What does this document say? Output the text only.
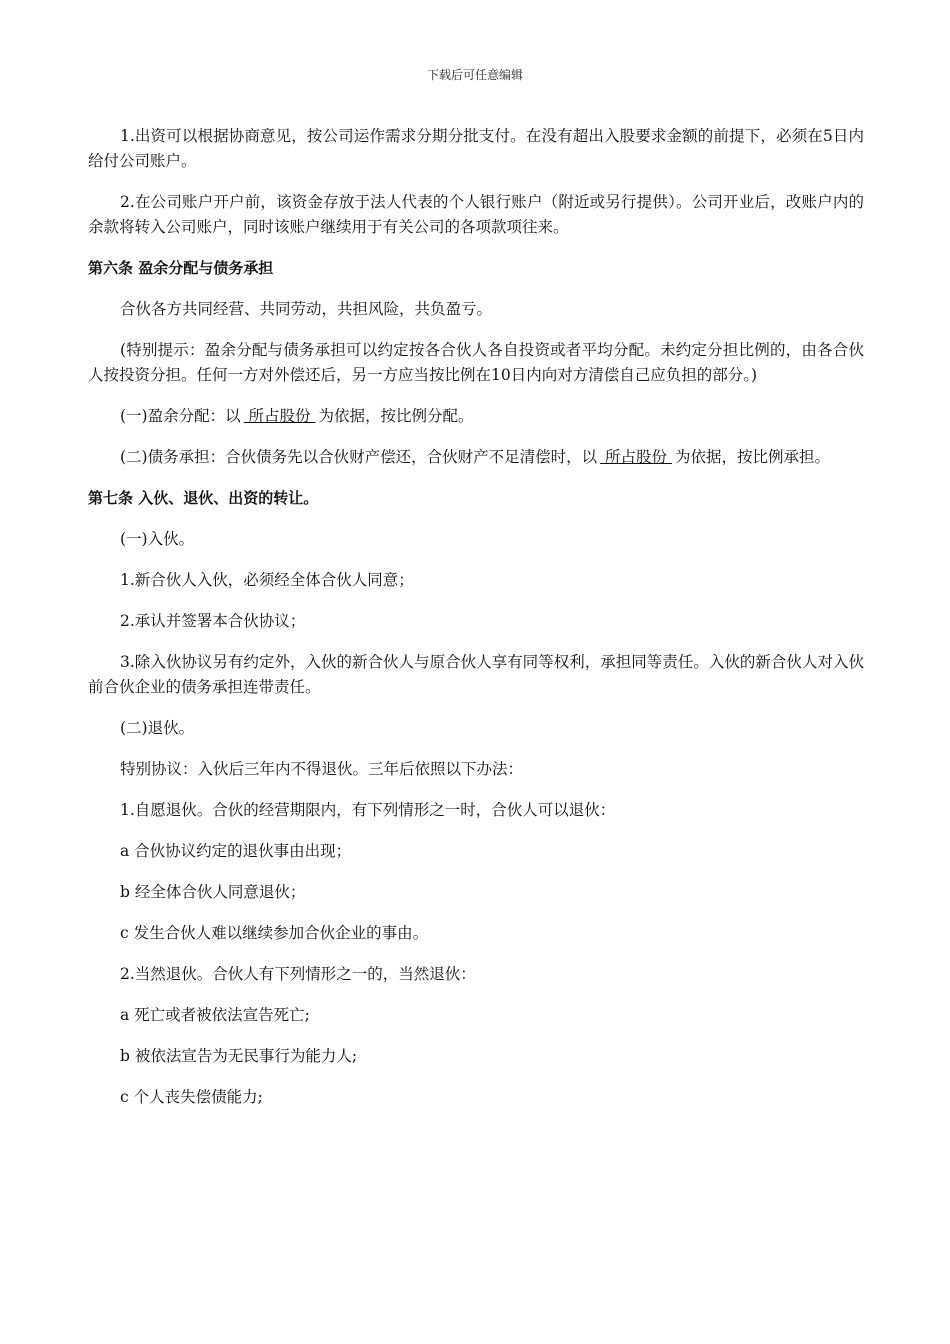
下载后可任意编辑

1.出资可以根据协商意见，按公司运作需求分期分批支付。在没有超出入股要求金额的前提下，必须在5日内给付公司账户。

2.在公司账户开户前，该资金存放于法人代表的个人银行账户（附近或另行提供）。公司开业后，改账户内的余款将转入公司账户，同时该账户继续用于有关公司的各项款项往来。

第六条 盈余分配与债务承担

合伙各方共同经营、共同劳动，共担风险，共负盈亏。

(特别提示：盈余分配与债务承担可以约定按各合伙人各自投资或者平均分配。未约定分担比例的，由各合伙人按投资分担。任何一方对外偿还后，另一方应当按比例在10日内向对方清偿自己应负担的部分。)

(一)盈余分配：以 所占股份 为依据，按比例分配。

(二)债务承担：合伙债务先以合伙财产偿还，合伙财产不足清偿时，以 所占股份 为依据，按比例承担。

第七条 入伙、退伙、出资的转让。

(一)入伙。

1.新合伙人入伙，必须经全体合伙人同意；

2.承认并签署本合伙协议；

3.除入伙协议另有约定外，入伙的新合伙人与原合伙人享有同等权利，承担同等责任。入伙的新合伙人对入伙前合伙企业的债务承担连带责任。

(二)退伙。

特别协议：入伙后三年内不得退伙。三年后依照以下办法：

1.自愿退伙。合伙的经营期限内，有下列情形之一时，合伙人可以退伙：

a 合伙协议约定的退伙事由出现；

b 经全体合伙人同意退伙；

c 发生合伙人难以继续参加合伙企业的事由。

2.当然退伙。合伙人有下列情形之一的，当然退伙：

a 死亡或者被依法宣告死亡;

b 被依法宣告为无民事行为能力人;

c 个人丧失偿债能力;
